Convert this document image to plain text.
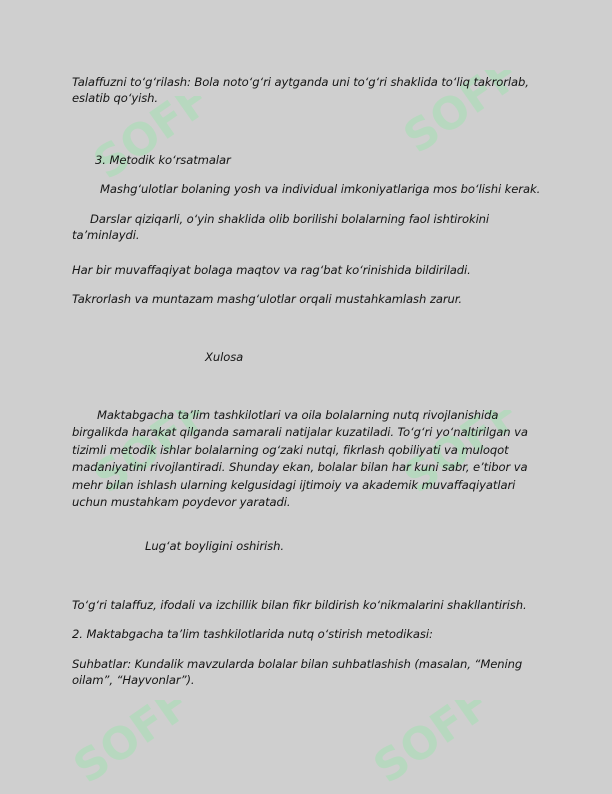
SOFF	SOFF
SOFF	SOFF
SOFF	SOFF
Talaffuzni to‘g‘rilash: Bola noto‘g‘ri aytganda uni to‘g‘ri shaklida to‘liq takrorlab, eslatib qo‘yish.
3. Metodik ko‘rsatmalar
Mashg‘ulotlar bolaning yosh va individual imkoniyatlariga mos bo‘lishi kerak.
Darslar qiziqarli, o‘yin shaklida olib borilishi bolalarning faol ishtirokini ta’minlaydi.
Har bir muvaffaqiyat bolaga maqtov va rag‘bat ko‘rinishida bildiriladi.
Takrorlash va muntazam mashg‘ulotlar orqali mustahkamlash zarur.
Xulosa
Maktabgacha ta’lim tashkilotlari va oila bolalarning nutq rivojlanishida birgalikda harakat qilganda samarali natijalar kuzatiladi. To‘g‘ri yo‘naltirilgan va tizimli metodik ishlar bolalarning og‘zaki nutqi, fikrlash qobiliyati va muloqot madaniyatini rivojlantiradi. Shunday ekan, bolalar bilan har kuni sabr, e’tibor va mehr bilan ishlash ularning kelgusidagi ijtimoiy va akademik muvaffaqiyatlari uchun mustahkam poydevor yaratadi.
Lug‘at boyligini oshirish.
To‘g‘ri talaffuz, ifodali va izchillik bilan fikr bildirish ko‘nikmalarini shakllantirish.
2. Maktabgacha ta’lim tashkilotlarida nutq o‘stirish metodikasi:
Suhbatlar: Kundalik mavzularda bolalar bilan suhbatlashish (masalan, “Mening oilam”, “Hayvonlar”).
